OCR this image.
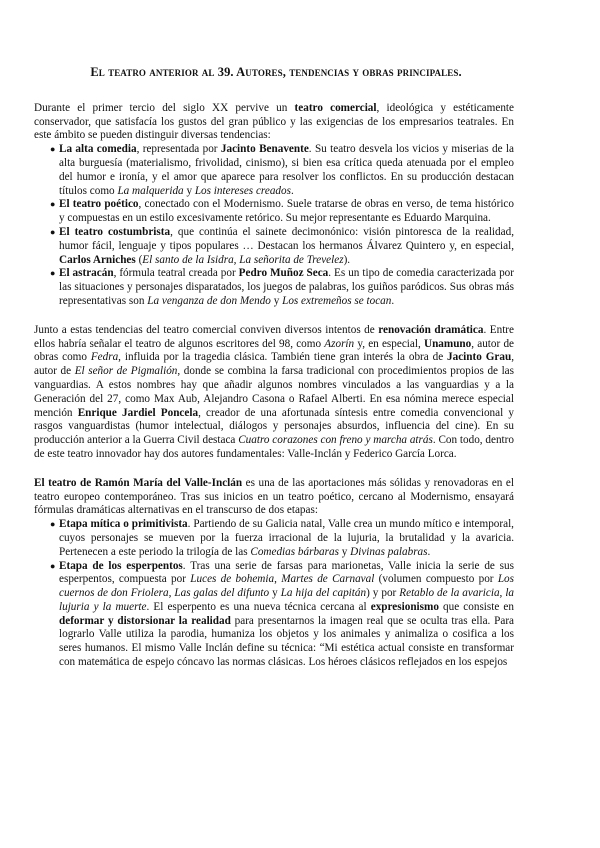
El teatro anterior al 39. Autores, tendencias y obras principales.

Durante el primer tercio del siglo XX pervive un teatro comercial, ideológica y estéticamente conservador, que satisfacía los gustos del gran público y las exigencias de los empresarios teatrales. En este ámbito se pueden distinguir diversas tendencias:

● La alta comedia, representada por Jacinto Benavente. Su teatro desvela los vicios y miserias de la alta burguesía (materialismo, frivolidad, cinismo), si bien esa crítica queda atenuada por el empleo del humor e ironía, y el amor que aparece para resolver los conflictos. En su producción destacan títulos como La malquerida y Los intereses creados.
● El teatro poético, conectado con el Modernismo. Suele tratarse de obras en verso, de tema histórico y compuestas en un estilo excesivamente retórico. Su mejor representante es Eduardo Marquina.
● El teatro costumbrista, que continúa el sainete decimonónico: visión pintoresca de la realidad, humor fácil, lenguaje y tipos populares … Destacan los hermanos Álvarez Quintero y, en especial, Carlos Arniches (El santo de la Isidra, La señorita de Trevelez).
● El astracán, fórmula teatral creada por Pedro Muñoz Seca. Es un tipo de comedia caracterizada por las situaciones y personajes disparatados, los juegos de palabras, los guiños paródicos. Sus obras más representativas son La venganza de don Mendo y Los extremeños se tocan.

Junto a estas tendencias del teatro comercial conviven diversos intentos de renovación dramática. Entre ellos habría señalar el teatro de algunos escritores del 98, como Azorín y, en especial, Unamuno, autor de obras como Fedra, influida por la tragedia clásica. También tiene gran interés la obra de Jacinto Grau, autor de El señor de Pigmalión, donde se combina la farsa tradicional con procedimientos propios de las vanguardias. A estos nombres hay que añadir algunos nombres vinculados a las vanguardias y a la Generación del 27, como Max Aub, Alejandro Casona o Rafael Alberti. En esa nómina merece especial mención Enrique Jardiel Poncela, creador de una afortunada síntesis entre comedia convencional y rasgos vanguardistas (humor intelectual, diálogos y personajes absurdos, influencia del cine). En su producción anterior a la Guerra Civil destaca Cuatro corazones con freno y marcha atrás. Con todo, dentro de este teatro innovador hay dos autores fundamentales: Valle-Inclán y Federico García Lorca.

El teatro de Ramón María del Valle-Inclán es una de las aportaciones más sólidas y renovadoras en el teatro europeo contemporáneo. Tras sus inicios en un teatro poético, cercano al Modernismo, ensayará fórmulas dramáticas alternativas en el transcurso de dos etapas:

● Etapa mítica o primitivista. Partiendo de su Galicia natal, Valle crea un mundo mítico e intemporal, cuyos personajes se mueven por la fuerza irracional de la lujuria, la brutalidad y la avaricia. Pertenecen a este periodo la trilogía de las Comedias bárbaras y Divinas palabras.
● Etapa de los esperpentos. Tras una serie de farsas para marionetas, Valle inicia la serie de sus esperpentos, compuesta por Luces de bohemia, Martes de Carnaval (volumen compuesto por Los cuernos de don Friolera, Las galas del difunto y La hija del capitán) y por Retablo de la avaricia, la lujuria y la muerte. El esperpento es una nueva técnica cercana al expresionismo que consiste en deformar y distorsionar la realidad para presentarnos la imagen real que se oculta tras ella. Para lograrlo Valle utiliza la parodia, humaniza los objetos y los animales y animaliza o cosifica a los seres humanos. El mismo Valle Inclán define su técnica: “Mi estética actual consiste en transformar con matemática de espejo cóncavo las normas clásicas. Los héroes clásicos reflejados en los espejos
